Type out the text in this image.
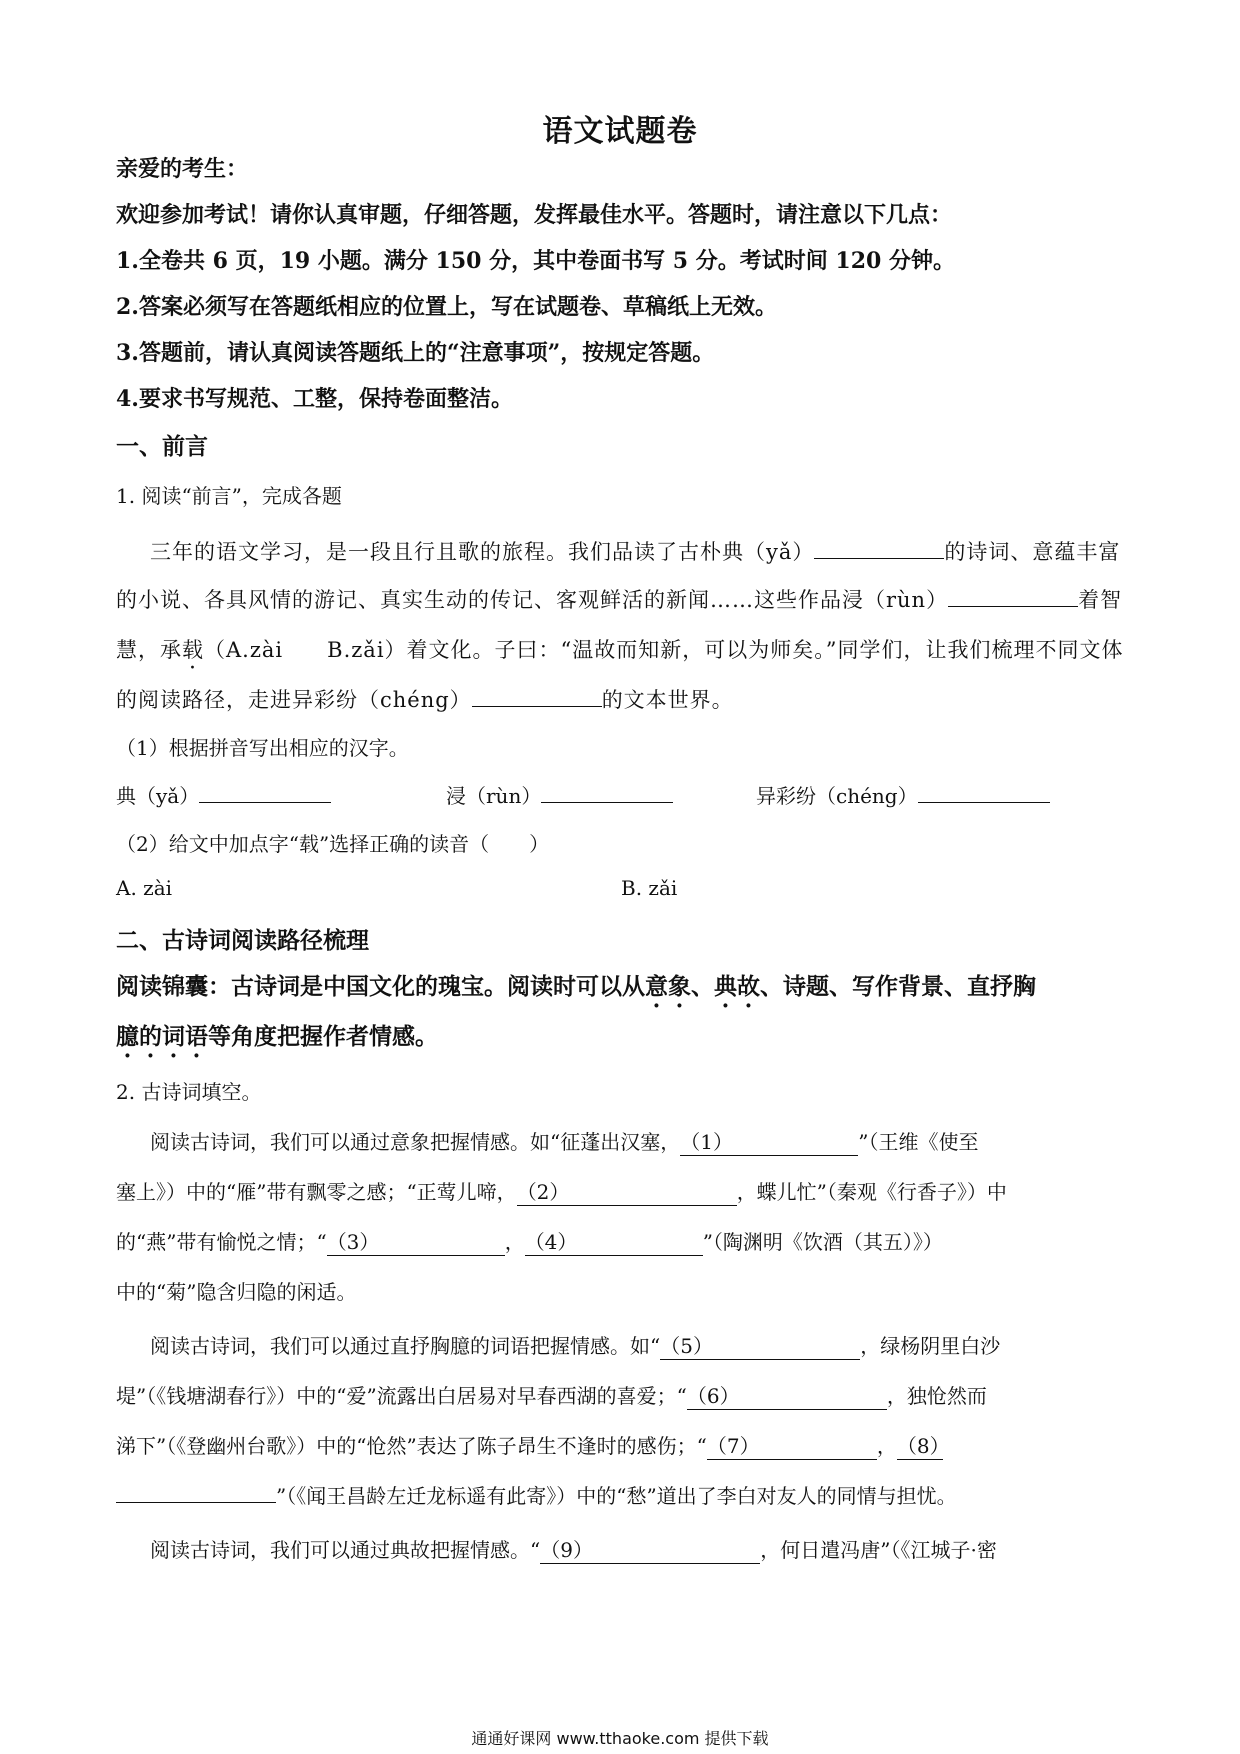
语文试题卷
亲爱的考生：
欢迎参加考试！请你认真审题，仔细答题，发挥最佳水平。答题时，请注意以下几点：
1.全卷共 6 页，19 小题。满分 150 分，其中卷面书写 5 分。考试时间 120 分钟。
2.答案必须写在答题纸相应的位置上，写在试题卷、草稿纸上无效。
3.答题前，请认真阅读答题纸上的“注意事项”，按规定答题。
4.要求书写规范、工整，保持卷面整洁。
一、前言
1. 阅读“前言”，完成各题
三年的语文学习，是一段且行且歌的旅程。我们品读了古朴典（yǎ）	的诗词、意蕴丰富
的小说、各具风情的游记、真实生动的传记、客观鲜活的新闻……这些作品浸（rùn）	着智
慧，承载（A.zài　　B.zǎi）着文化。子曰：“温故而知新，可以为师矣。”同学们，让我们梳理不同文体
的阅读路径，走进异彩纷（chéng）	的文本世界。
（1）根据拼音写出相应的汉字。
典（yǎ）	浸（rùn）	异彩纷（chéng）
（2）给文中加点字“载”选择正确的读音（　　）
A. zài	B. zǎi
二、古诗词阅读路径梳理
阅读锦囊：古诗词是中国文化的瑰宝。阅读时可以从意象、典故、诗题、写作背景、直抒胸
臆的词语等角度把握作者情感。
2. 古诗词填空。
阅读古诗词，我们可以通过意象把握情感。如“征蓬出汉塞，（1）	”（王维《使至
塞上》）中的“雁”带有飘零之感；“正莺儿啼，（2）	，蝶儿忙”（秦观《行香子》）中
的“燕”带有愉悦之情；“（3）	，（4）	”（陶渊明《饮酒（其五）》）
中的“菊”隐含归隐的闲适。
阅读古诗词，我们可以通过直抒胸臆的词语把握情感。如“（5）	，绿杨阴里白沙
堤”（《钱塘湖春行》）中的“爱”流露出白居易对早春西湖的喜爱；“（6）	，独怆然而
涕下”（《登幽州台歌》）中的“怆然”表达了陈子昂生不逢时的感伤；“（7）	，（8）
”（《闻王昌龄左迁龙标遥有此寄》）中的“愁”道出了李白对友人的同情与担忧。
阅读古诗词，我们可以通过典故把握情感。“（9）	，何日遣冯唐”（《江城子·密
通通好课网 www.tthaoke.com 提供下载
